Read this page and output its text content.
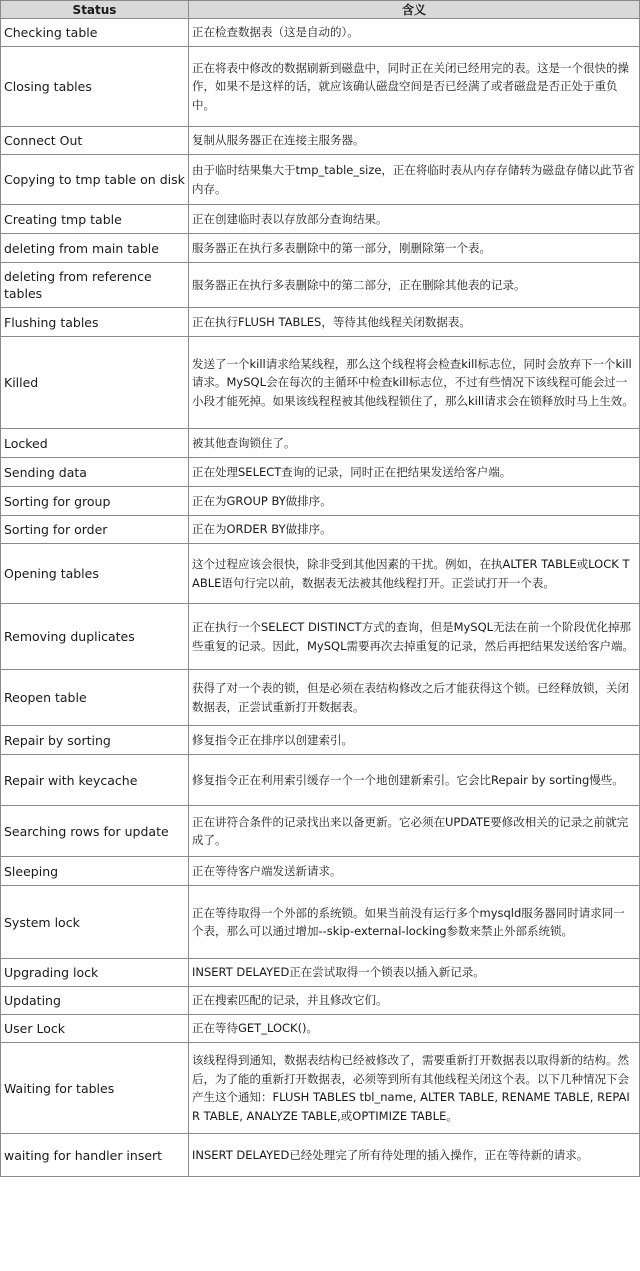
Status	含义
Checking table	正在检查数据表（这是自动的）。
Closing tables	正在将表中修改的数据刷新到磁盘中，同时正在关闭已经用完的表。这是一个很快的操作，如果不是这样的话，就应该确认磁盘空间是否已经满了或者磁盘是否正处于重负中。
Connect Out	复制从服务器正在连接主服务器。
Copying to tmp table on disk	由于临时结果集大于tmp_table_size，正在将临时表从内存存储转为磁盘存储以此节省内存。
Creating tmp table	正在创建临时表以存放部分查询结果。
deleting from main table	服务器正在执行多表删除中的第一部分，刚删除第一个表。
deleting from reference tables	服务器正在执行多表删除中的第二部分，正在删除其他表的记录。
Flushing tables	正在执行FLUSH TABLES，等待其他线程关闭数据表。
Killed	发送了一个kill请求给某线程，那么这个线程将会检查kill标志位，同时会放弃下一个kill请求。MySQL会在每次的主循环中检查kill标志位，不过有些情况下该线程可能会过一小段才能死掉。如果该线程程被其他线程锁住了，那么kill请求会在锁释放时马上生效。
Locked	被其他查询锁住了。
Sending data	正在处理SELECT查询的记录，同时正在把结果发送给客户端。
Sorting for group	正在为GROUP BY做排序。
Sorting for order	正在为ORDER BY做排序。
Opening tables	这个过程应该会很快，除非受到其他因素的干扰。例如，在执ALTER TABLE或LOCK TABLE语句行完以前，数据表无法被其他线程打开。正尝试打开一个表。
Removing duplicates	正在执行一个SELECT DISTINCT方式的查询，但是MySQL无法在前一个阶段优化掉那些重复的记录。因此，MySQL需要再次去掉重复的记录，然后再把结果发送给客户端。
Reopen table	获得了对一个表的锁，但是必须在表结构修改之后才能获得这个锁。已经释放锁，关闭数据表，正尝试重新打开数据表。
Repair by sorting	修复指令正在排序以创建索引。
Repair with keycache	修复指令正在利用索引缓存一个一个地创建新索引。它会比Repair by sorting慢些。
Searching rows for update	正在讲符合条件的记录找出来以备更新。它必须在UPDATE要修改相关的记录之前就完成了。
Sleeping	正在等待客户端发送新请求。
System lock	正在等待取得一个外部的系统锁。如果当前没有运行多个mysqld服务器同时请求同一个表，那么可以通过增加--skip-external-locking参数来禁止外部系统锁。
Upgrading lock	INSERT DELAYED正在尝试取得一个锁表以插入新记录。
Updating	正在搜索匹配的记录，并且修改它们。
User Lock	正在等待GET_LOCK()。
Waiting for tables	该线程得到通知，数据表结构已经被修改了，需要重新打开数据表以取得新的结构。然后，为了能的重新打开数据表，必须等到所有其他线程关闭这个表。以下几种情况下会产生这个通知：FLUSH TABLES tbl_name, ALTER TABLE, RENAME TABLE, REPAIR TABLE, ANALYZE TABLE,或OPTIMIZE TABLE。
waiting for handler insert	INSERT DELAYED已经处理完了所有待处理的插入操作，正在等待新的请求。
